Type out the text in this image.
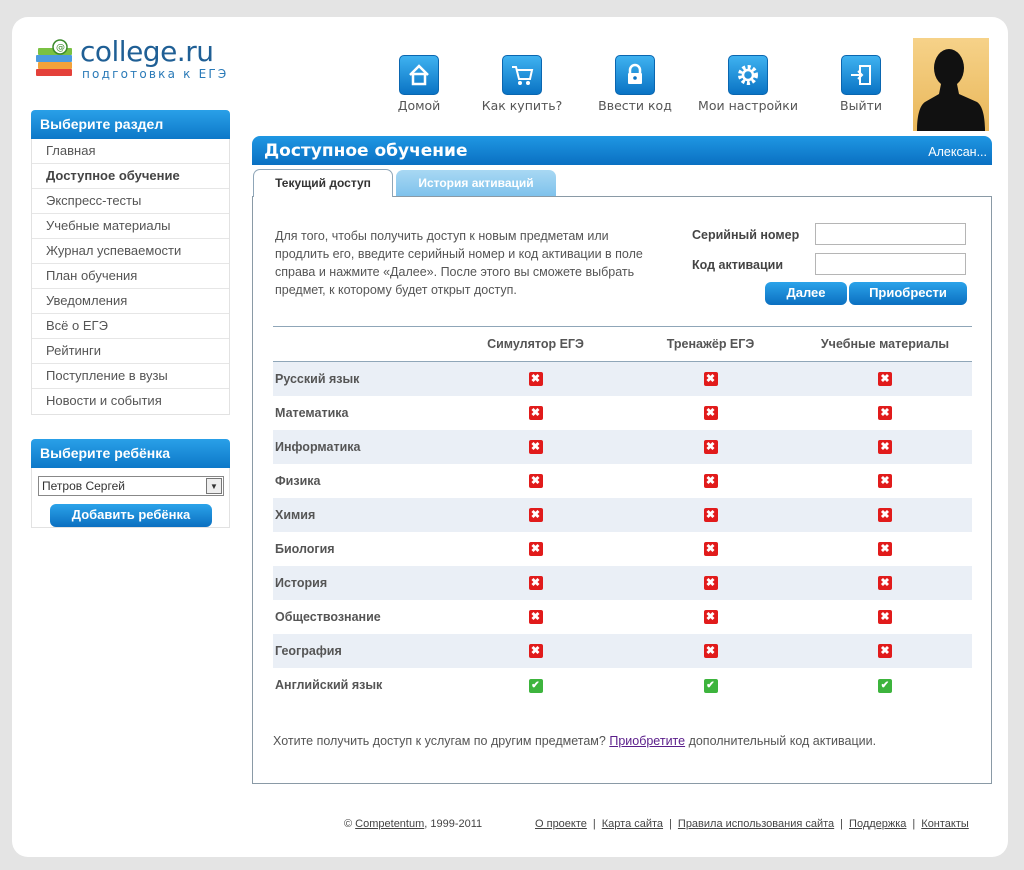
@ college.ru
подготовка к ЕГЭ
Домой	Как купить?	Ввести код	Мои настройки	Выйти
Выберите раздел
Главная
Доступное обучение
Экспресс-тесты
Учебные материалы
Журнал успеваемости
План обучения
Уведомления
Всё о ЕГЭ
Рейтинги
Поступление в вузы
Новости и события
Выберите ребёнка
Петров Сергей	▼
Добавить ребёнка
Доступное обучение	Алексан...
Текущий доступ	История активаций
Для того, чтобы получить доступ к новым предметам или продлить его, введите серийный номер и код активации в поле справа и нажмите «Далее». После этого вы сможете выбрать предмет, к которому будет открыт доступ.
Серийный номер
Код активации
Далее	Приобрести
	Симулятор ЕГЭ	Тренажёр ЕГЭ	Учебные материалы
Русский язык	✖	✖	✖
Математика	✖	✖	✖
Информатика	✖	✖	✖
Физика	✖	✖	✖
Химия	✖	✖	✖
Биология	✖	✖	✖
История	✖	✖	✖
Обществознание	✖	✖	✖
География	✖	✖	✖
Английский язык	✔	✔	✔
Хотите получить доступ к услугам по другим предметам? Приобретите дополнительный код активации.
© Competentum, 1999-2011	О проекте | Карта сайта | Правила использования сайта | Поддержка | Контакты
